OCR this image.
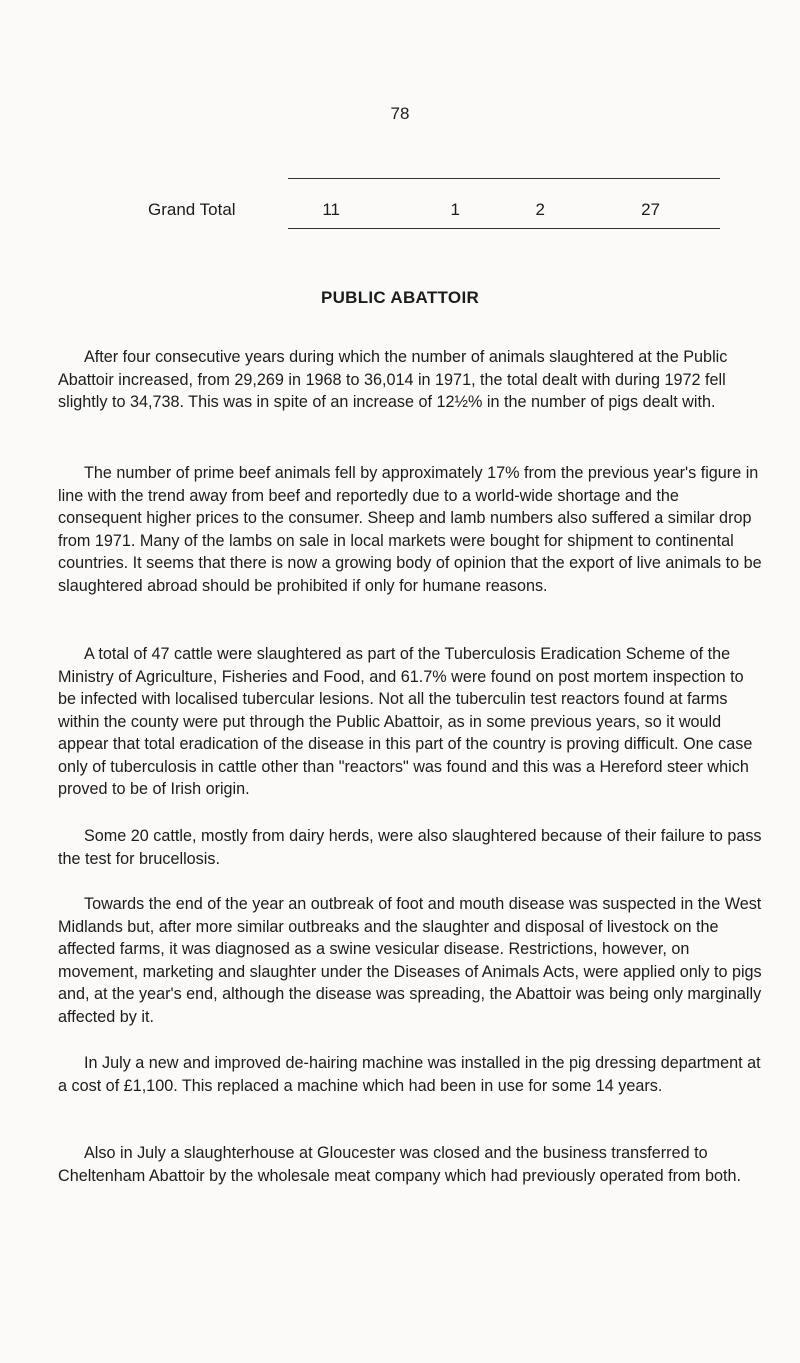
78
Grand Total	11	1	2	27
PUBLIC ABATTOIR

After four consecutive years during which the number of animals slaughtered at the Public Abattoir increased, from 29,269 in 1968 to 36,014 in 1971, the total dealt with during 1972 fell slightly to 34,738. This was in spite of an increase of 12½% in the number of pigs dealt with.

The number of prime beef animals fell by approximately 17% from the previous year's figure in line with the trend away from beef and reportedly due to a world-wide shortage and the consequent higher prices to the consumer. Sheep and lamb numbers also suffered a similar drop from 1971. Many of the lambs on sale in local markets were bought for shipment to continental countries. It seems that there is now a growing body of opinion that the export of live animals to be slaughtered abroad should be prohibited if only for humane reasons.

A total of 47 cattle were slaughtered as part of the Tuberculosis Eradication Scheme of the Ministry of Agriculture, Fisheries and Food, and 61.7% were found on post mortem inspection to be infected with localised tubercular lesions. Not all the tuberculin test reactors found at farms within the county were put through the Public Abattoir, as in some previous years, so it would appear that total eradication of the disease in this part of the country is proving difficult. One case only of tuberculosis in cattle other than "reactors" was found and this was a Hereford steer which proved to be of Irish origin.

Some 20 cattle, mostly from dairy herds, were also slaughtered because of their failure to pass the test for brucellosis.

Towards the end of the year an outbreak of foot and mouth disease was suspected in the West Midlands but, after more similar outbreaks and the slaughter and disposal of livestock on the affected farms, it was diagnosed as a swine vesicular disease. Restrictions, however, on movement, marketing and slaughter under the Diseases of Animals Acts, were applied only to pigs and, at the year's end, although the disease was spreading, the Abattoir was being only marginally affected by it.

In July a new and improved de-hairing machine was installed in the pig dressing department at a cost of £1,100. This replaced a machine which had been in use for some 14 years.

Also in July a slaughterhouse at Gloucester was closed and the business transferred to Cheltenham Abattoir by the wholesale meat company which had previously operated from both.
